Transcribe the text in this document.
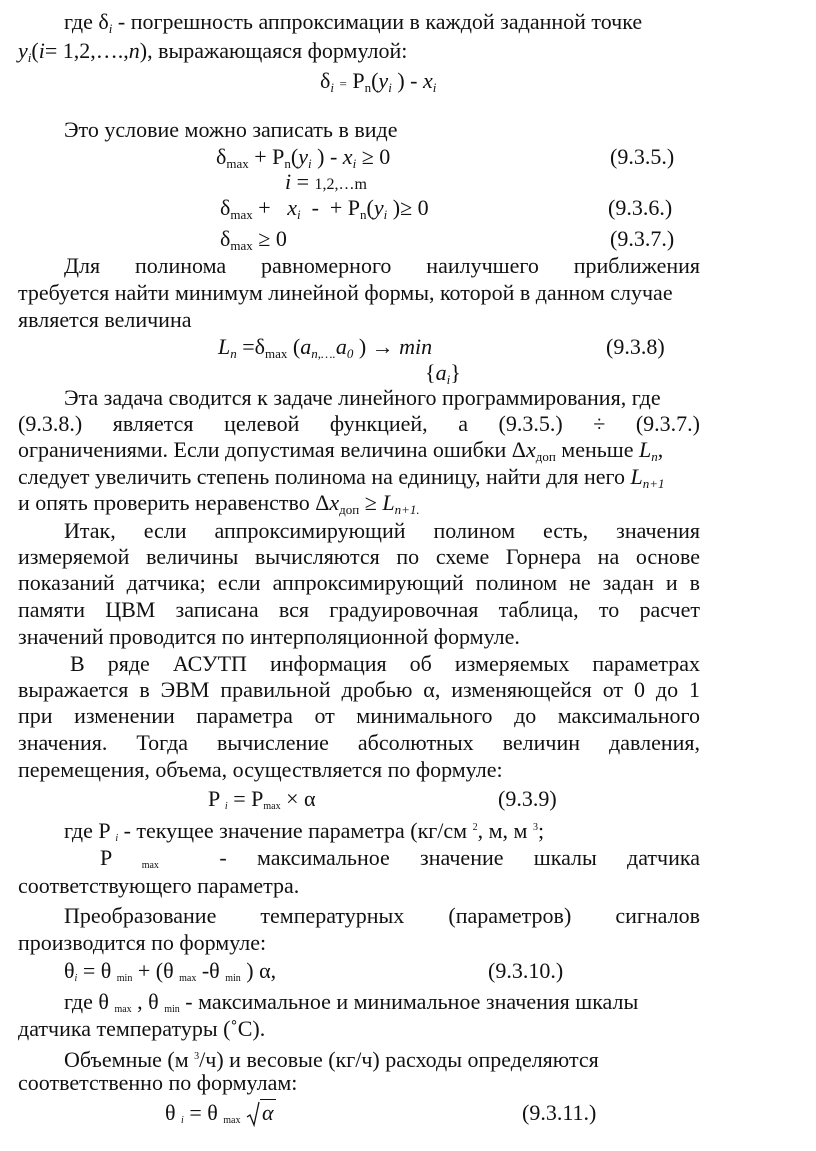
где $\delta_i$ - погрешность аппроксимации в каждой заданной точке
$y_i(i=$ 1,2,….,n), выражающаяся формулой:
$\delta_i = P_n(y_i$ ) - $x_i$
Это условие можно записать в виде
$\delta_{max} + P_n(y_i$ ) - $x_i \ge 0$	(9.3.5.)
i = 1,2,…m
$\delta_{max} + x_i$  -  + $P_n(y_i$ )≥ 0	(9.3.6.)
$\delta_{max} \ge 0$	(9.3.7.)
Для полинома равномерного наилучшего приближения
требуется найти минимум линейной формы, которой в данном случае
является величина
$L_n =\delta_{max}$ ($a_{n,\dots.}a_0$ ) → min	(9.3.8)
$\{a_i\}$
Эта задача сводится к задаче линейного программирования, где
(9.3.8.) является целевой функцией, а (9.3.5.) ÷ (9.3.7.)
ограничениями. Если допустимая величина ошибки $\Delta x_{доп}$ меньше $L_n$,
следует увеличить степень полинома на единицу, найти для него $L_{n+1}$
и опять проверить неравенство $\Delta x_{доп} \ge L_{n+1.}$
Итак, если аппроксимирующий полином есть, значения
измеряемой величины вычисляются по схеме Горнера на основе
показаний датчика; если аппроксимирующий полином не задан и в
памяти ЦВМ записана вся градуировочная таблица, то расчет
значений проводится по интерполяционной формуле.
В ряде АСУТП информация об измеряемых параметрах
выражается в ЭВМ правильной дробью α, изменяющейся от 0 до 1
при изменении параметра от минимального до максимального
значения. Тогда вычисление абсолютных величин давления,
перемещения, объема, осуществляется по формуле:
P $_i = P_{max} \times \alpha$	(9.3.9)
где P $_i$ - текущее значение параметра (кг/см $^2$, м, м $^3$;
P $_{max}$  - максимальное значение шкалы датчика
соответствующего параметра.
Преобразование температурных (параметров) сигналов
производится по формуле:
$\theta_i = \theta$ $_{min}$ + (θ $_{max}$ -θ $_{min}$ ) α,	(9.3.10.)
где θ $_{max}$ , θ $_{min}$ - максимальное и минимальное значения шкалы
датчика температуры (˚С).
Объемные (м $^3$/ч) и весовые (кг/ч) расходы определяются
соответственно по формулам:
θ $_i$ = θ $_{max}$ α	(9.3.11.)
